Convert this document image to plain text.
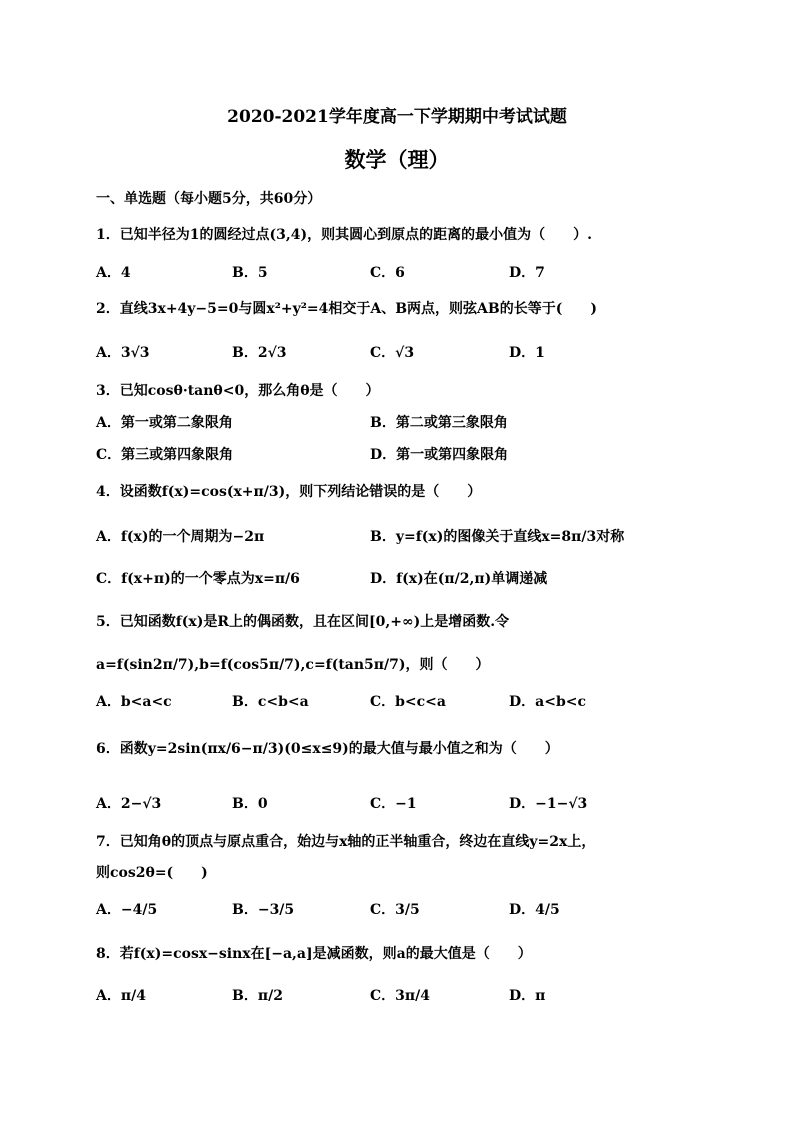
2020-2021学年度高一下学期期中考试试题
数学（理）
一、单选题（每小题5分，共60分）
1．已知半径为1的圆经过点(3,4)，则其圆心到原点的距离的最小值为（　　）.
A．4	B．5	C．6	D．7
2．直线3x+4y−5=0与圆x²+y²=4相交于A、B两点，则弦AB的长等于(　　)
A．3√3	B．2√3	C．√3	D．1
3．已知cosθ·tanθ<0，那么角θ是（　　）
A．第一或第二象限角	B．第二或第三象限角
C．第三或第四象限角	D．第一或第四象限角
4．设函数f(x)=cos(x+π/3)，则下列结论错误的是（　　）
A．f(x)的一个周期为−2π	B．y=f(x)的图像关于直线x=8π/3对称
C．f(x+π)的一个零点为x=π/6	D．f(x)在(π/2,π)单调递减
5．已知函数f(x)是R上的偶函数，且在区间[0,+∞)上是增函数.令
a=f(sin2π/7),b=f(cos5π/7),c=f(tan5π/7)，则（　　）
A．b<a<c	B．c<b<a	C．b<c<a	D．a<b<c
6．函数y=2sin(πx/6−π/3)(0≤x≤9)的最大值与最小值之和为（　　）
A．2−√3	B．0	C．−1	D．−1−√3
7．已知角θ的顶点与原点重合，始边与x轴的正半轴重合，终边在直线y=2x上，
则cos2θ=(　　)
A．−4/5	B．−3/5	C．3/5	D．4/5
8．若f(x)=cosx−sinx在[−a,a]是减函数，则a的最大值是（　　）
A．π/4	B．π/2	C．3π/4	D．π
